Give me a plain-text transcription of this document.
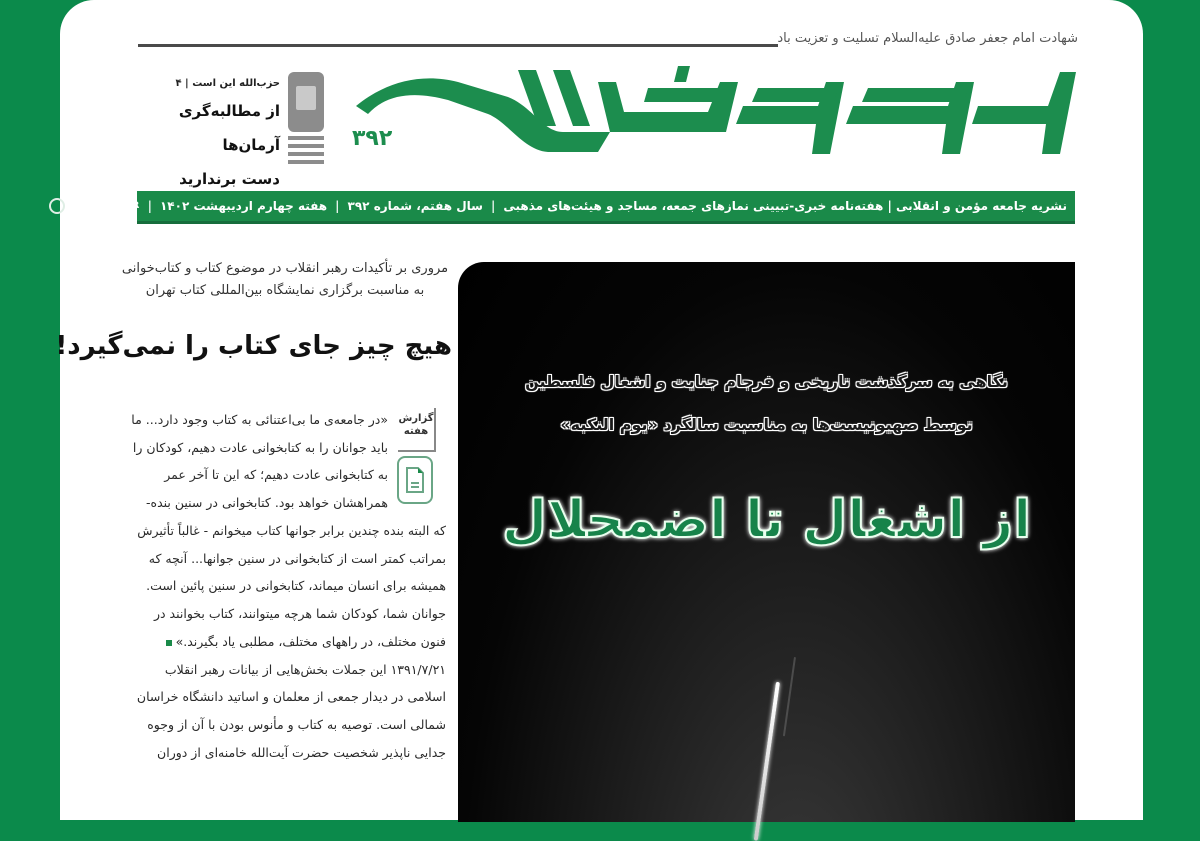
شهادت امام جعفر صادق علیه‌السلام تسلیت و تعزیت باد
۳۹۲
حزب‌الله این است | ۴
از مطالبه‌گری آرمان‌ها
دست برندارید
نشریه جامعه مؤمن و انقلابی | هفته‌نامه خبری-تبیینی نمازهای جمعه، مساجد و هیئت‌های مذهبی
|
سال هفتم، شماره ۳۹۲
|
هفته چهارم اردیبهشت ۱۴۰۲
|
KHAMENEI.IR
مروری بر تأکیدات رهبر انقلاب در موضوع کتاب و کتاب‌خوانی به مناسبت برگزاری نمایشگاه بین‌المللی کتاب تهران
هیچ چیز جای کتاب را نمی‌گیرد!
گزارش هفته

«در جامعه‌ی ما بی‌اعتنائی به کتاب وجود دارد... ما

باید جوانان را به کتابخوانی عادت دهیم، کودکان را

به کتابخوانی عادت دهیم؛ که این تا آخر عمر

همراهشان خواهد بود. کتابخوانی در سنین بنده-

که البته بنده چندین برابر جوانها کتاب میخوانم - غالباً تأثیرش

بمراتب کمتر است از کتابخوانی در سنین جوانها... آنچه که

همیشه برای انسان میماند، کتابخوانی در سنین پائین است.

جوانان شما، کودکان شما هرچه میتوانند، کتاب بخوانند در

فنون مختلف، در راههای مختلف، مطلبی یاد بگیرند.»

۱۳۹۱/۷/۲۱ این جملات بخش‌هایی از بیانات رهبر انقلاب

اسلامی در دیدار جمعی از معلمان و اساتید دانشگاه خراسان

شمالی است. توصیه به کتاب و مأنوس بودن با آن از وجوه

جدایی ناپذیر شخصیت حضرت آیت‌الله خامنه‌ای از دوران

نگاهی به سرگذشت تاریخی و فرجام جنایت و اشغال فلسطین
توسط صهیونیست‌ها به مناسبت سالگرد «یوم النکبه»
از اشغال تا اضمحلال
